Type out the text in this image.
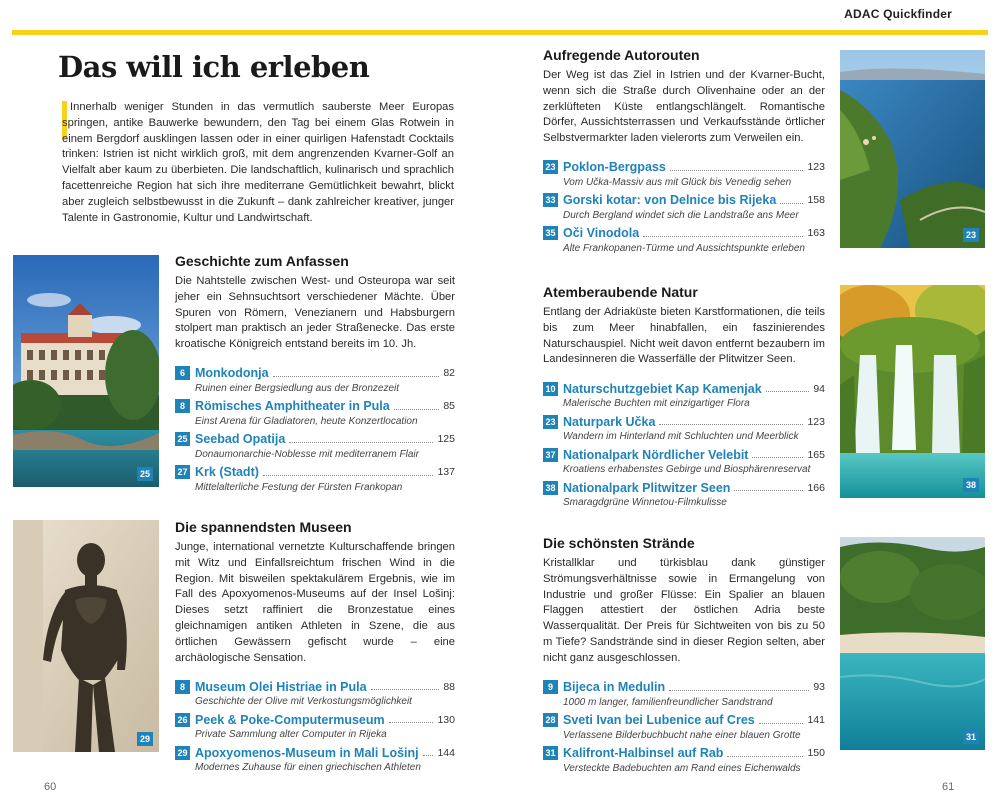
ADAC Quickfinder
Das will ich erleben

Innerhalb weniger Stunden in das vermutlich sauberste Meer Europas springen, antike Bauwerke bewundern, den Tag bei einem Glas Rotwein in einem Bergdorf ausklingen lassen oder in einer quirligen Hafenstadt Cocktails trinken: Istrien ist nicht wirklich groß, mit dem angrenzenden Kvarner-Golf an Vielfalt aber kaum zu überbieten. Die landschaftlich, kulinarisch und sprachlich facettenreiche Region hat sich ihre mediterrane Gemütlichkeit bewahrt, blickt aber zugleich selbstbewusst in die Zukunft – dank zahlreicher kreativer, junger Talente in Gastronomie, Kultur und Landwirtschaft.

25
Geschichte zum Anfassen

Die Nahtstelle zwischen West- und Osteuropa war seit jeher ein Sehnsuchtsort verschiedener Mächte. Über Spuren von Römern, Venezianern und Habsburgern stolpert man praktisch an jeder Straßenecke. Das erste kroatische Königreich entstand bereits im 10. Jh.

6 Monkodonja	82
Ruinen einer Bergsiedlung aus der Bronzezeit
8 Römisches Amphitheater in Pula	85
Einst Arena für Gladiatoren, heute Konzertlocation
25 Seebad Opatija	125
Donaumonarchie-Noblesse mit mediterranem Flair
27 Krk (Stadt)	137
Mittelalterliche Festung der Fürsten Frankopan
29
Die spannendsten Museen

Junge, international vernetzte Kulturschaffende bringen mit Witz und Einfallsreichtum frischen Wind in die Region. Mit bisweilen spektakulärem Ergebnis, wie im Fall des Apoxyomenos-Museums auf der Insel Lošinj: Dieses setzt raffiniert die Bronzestatue eines gleichnamigen antiken Athleten in Szene, die aus örtlichen Gewässern gefischt wurde – eine archäologische Sensation.

8 Museum Olei Histriae in Pula	88
Geschichte der Olive mit Verkostungsmöglichkeit
26 Peek & Poke-Computermuseum	130
Private Sammlung alter Computer in Rijeka
29 Apoxyomenos-Museum in Mali Lošinj 144
Modernes Zuhause für einen griechischen Athleten
Aufregende Autorouten

Der Weg ist das Ziel in Istrien und der Kvarner-Bucht, wenn sich die Straße durch Olivenhaine oder an der zerklüfteten Küste entlangschlängelt. Romantische Dörfer, Aussichtsterrassen und Verkaufsstände örtlicher Selbstvermarkter laden vielerorts zum Verweilen ein.

23 Poklon-Bergpass	123
Vom Učka-Massiv aus mit Glück bis Venedig sehen
33 Gorski kotar: von Delnice bis Rijeka	158
Durch Bergland windet sich die Landstraße ans Meer
35 Oči Vinodola	163
Alte Frankopanen-Türme und Aussichtspunkte erleben
23
Atemberaubende Natur

Entlang der Adriaküste bieten Karstformationen, die teils bis zum Meer hinabfallen, ein faszinierendes Naturschauspiel. Nicht weit davon entfernt bezaubern im Landesinneren die Wasserfälle der Plitwitzer Seen.

10 Naturschutzgebiet Kap Kamenjak	94
Malerische Buchten mit einzigartiger Flora
23 Naturpark Učka	123
Wandern im Hinterland mit Schluchten und Meerblick
37 Nationalpark Nördlicher Velebit	165
Kroatiens erhabenstes Gebirge und Biosphärenreservat
38 Nationalpark Plitwitzer Seen	166
Smaragdgrüne Winnetou-Filmkulisse
38
Die schönsten Strände

Kristallklar und türkisblau dank günstiger Strömungsverhältnisse sowie in Ermangelung von Industrie und großer Flüsse: Ein Spalier an blauen Flaggen attestiert der östlichen Adria beste Wasserqualität. Der Preis für Sichtweiten von bis zu 50 m Tiefe? Sandstrände sind in dieser Region selten, aber nicht ganz ausgeschlossen.

9 Bijeca in Medulin	93
1000 m langer, familienfreundlicher Sandstrand
28 Sveti Ivan bei Lubenice auf Cres	141
Verlassene Bilderbuchbucht nahe einer blauen Grotte
31 Kalifront-Halbinsel auf Rab	150
Versteckte Badebuchten am Rand eines Eichenwalds
31
60	61
